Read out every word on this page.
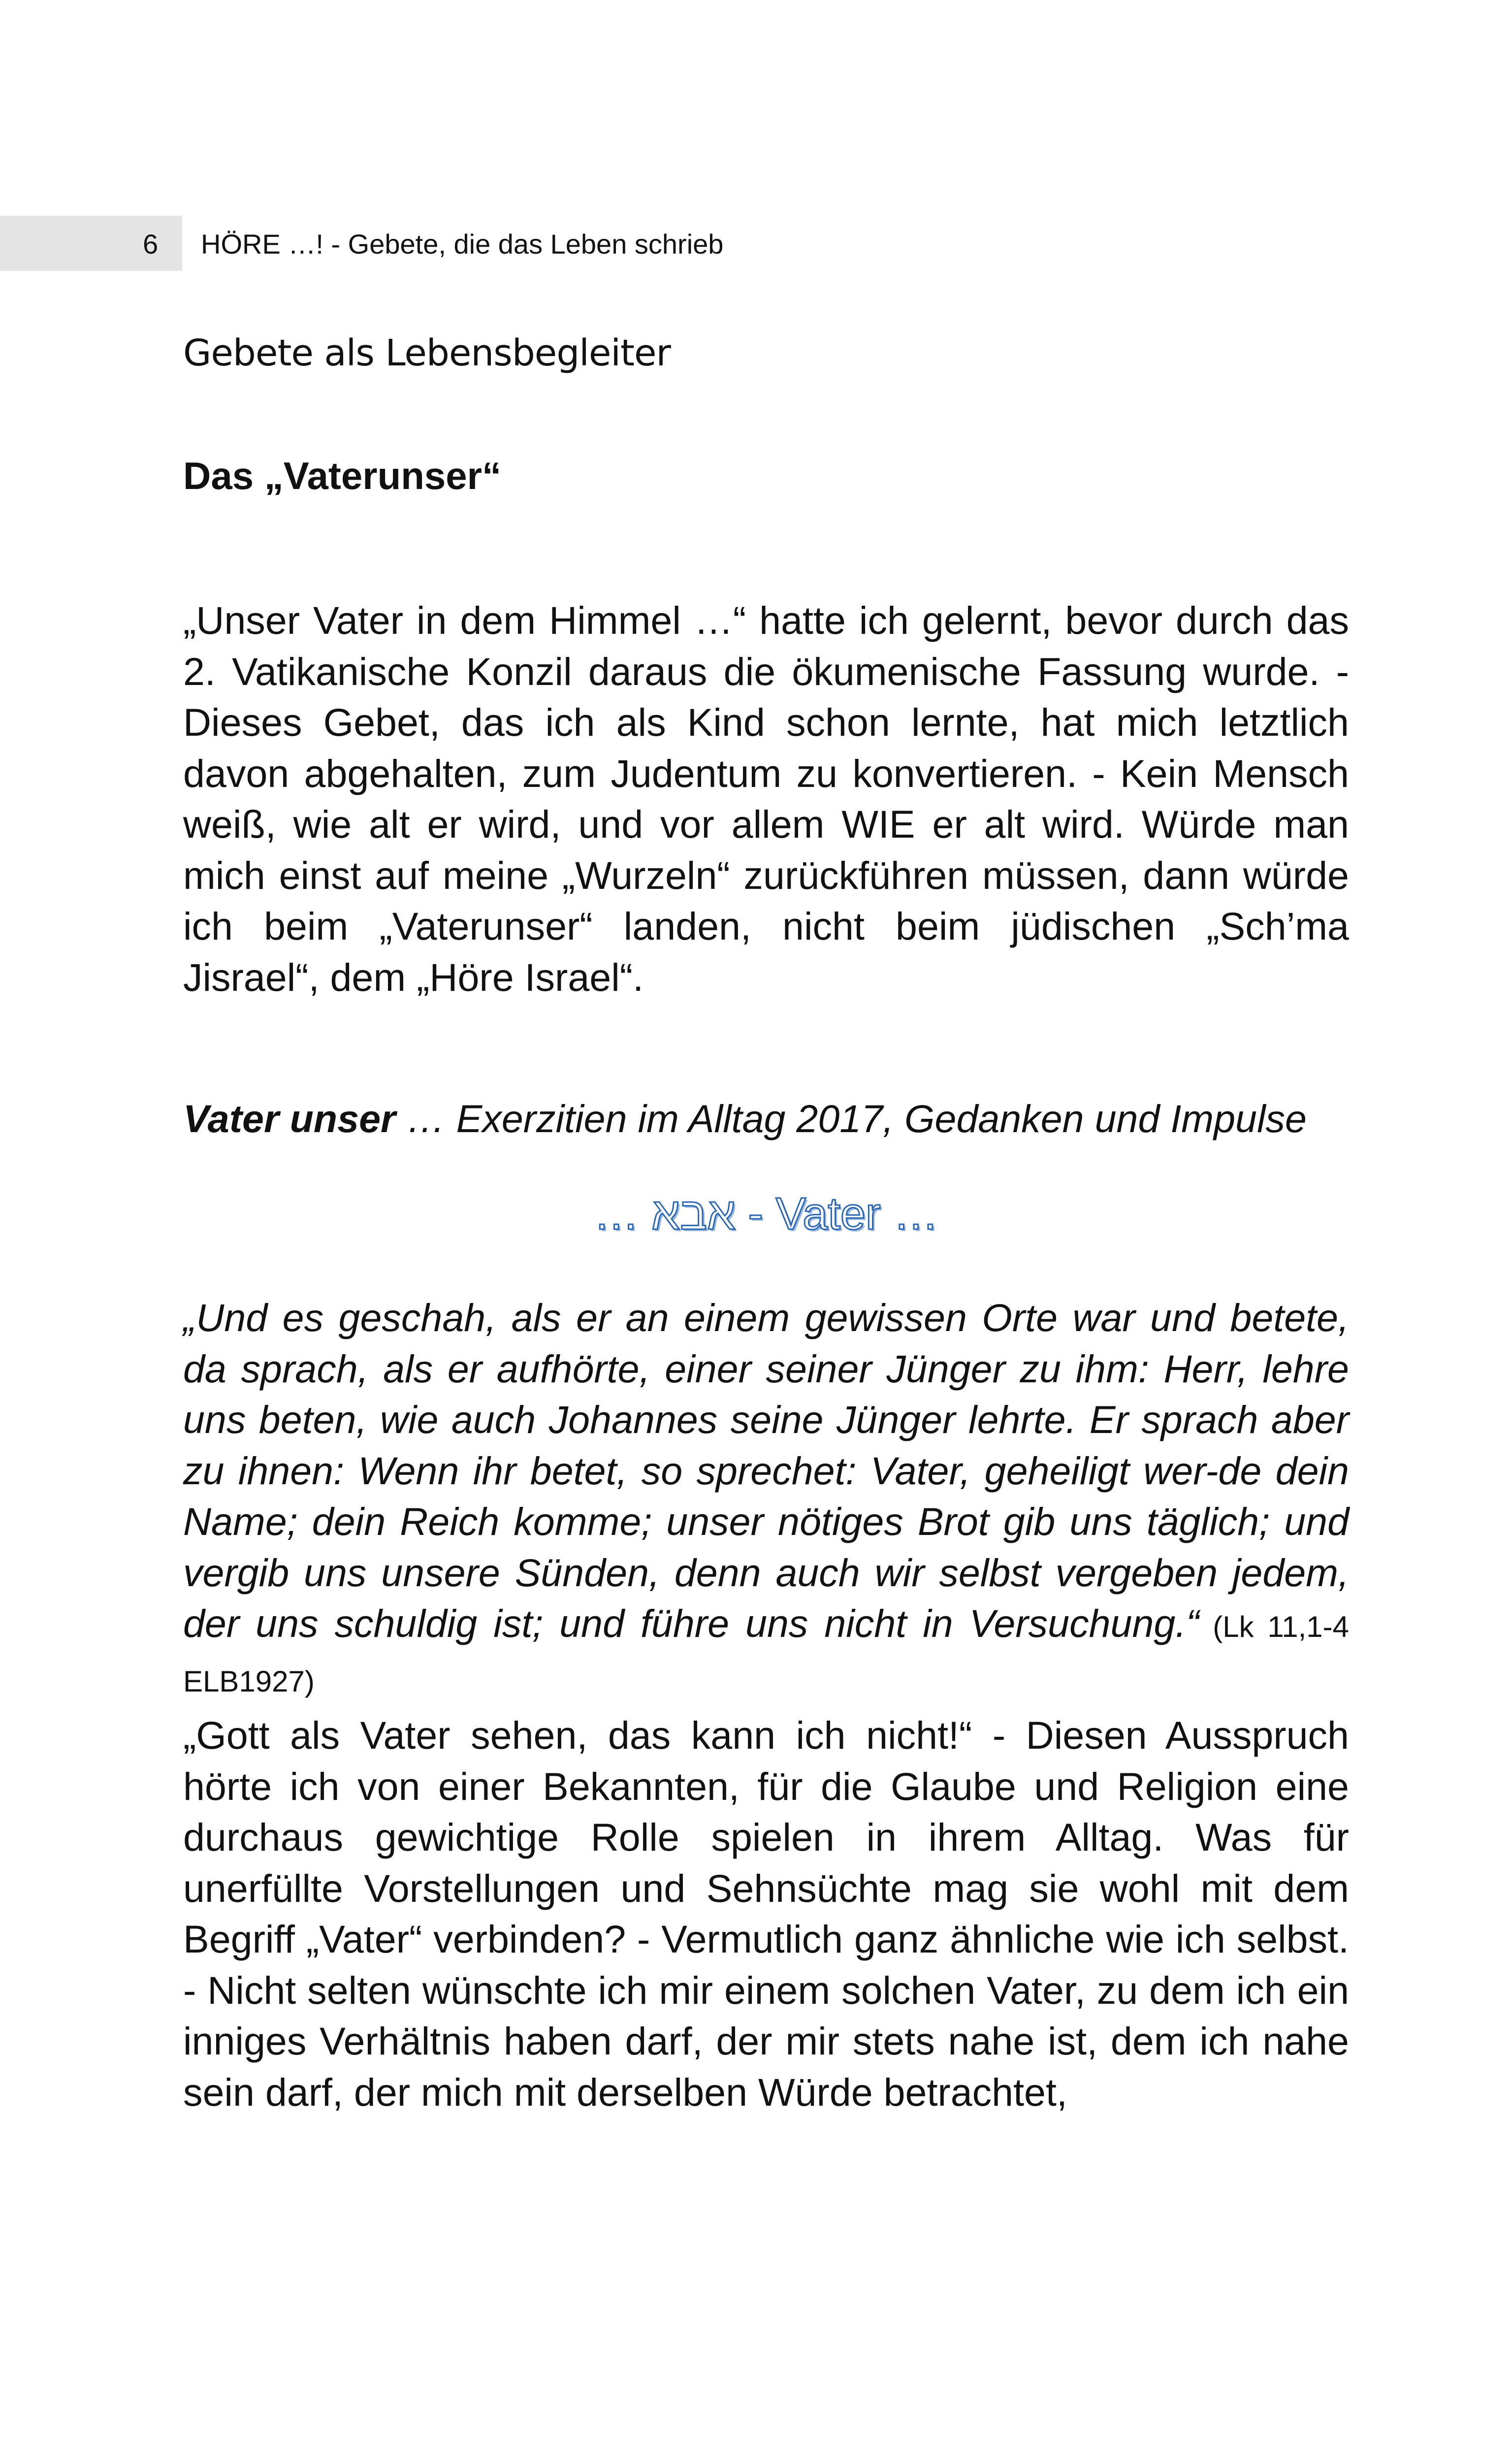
6 HÖRE …! - Gebete, die das Leben schrieb
Gebete als Lebensbegleiter
Das „Vaterunser“
„Unser Vater in dem Himmel …“ hatte ich gelernt, bevor durch das 2. Vatikanische Konzil daraus die ökumenische Fassung wurde. - Dieses Gebet, das ich als Kind schon lernte, hat mich letztlich davon abgehalten, zum Judentum zu konvertieren. - Kein Mensch weiß, wie alt er wird, und vor allem WIE er alt wird. Würde man mich einst auf meine „Wurzeln“ zurückführen müssen, dann würde ich beim „Vaterunser“ landen, nicht beim jüdischen „Sch’ma Jisrael“, dem „Höre Israel“.
Vater unser … Exerzitien im Alltag 2017, Gedanken und Impulse
… אבא - Vater …
„Und es geschah, als er an einem gewissen Orte war und betete, da sprach, als er aufhörte, einer seiner Jünger zu ihm: Herr, lehre uns beten, wie auch Johannes seine Jünger lehrte. Er sprach aber zu ihnen: Wenn ihr betet, so sprechet: Vater, geheiligt wer-de dein Name; dein Reich komme; unser nötiges Brot gib uns täglich; und vergib uns unsere Sünden, denn auch wir selbst vergeben jedem, der uns schuldig ist; und führe uns nicht in Versuchung.“ (Lk 11,1-4 ELB1927)
„Gott als Vater sehen, das kann ich nicht!“ - Diesen Ausspruch hörte ich von einer Bekannten, für die Glaube und Religion eine durchaus gewichtige Rolle spielen in ihrem Alltag. Was für unerfüllte Vorstellungen und Sehnsüchte mag sie wohl mit dem Begriff „Vater“ verbinden? - Vermutlich ganz ähnliche wie ich selbst. - Nicht selten wünschte ich mir einem solchen Vater, zu dem ich ein inniges Verhältnis haben darf, der mir stets nahe ist, dem ich nahe sein darf, der mich mit derselben Würde betrachtet,
